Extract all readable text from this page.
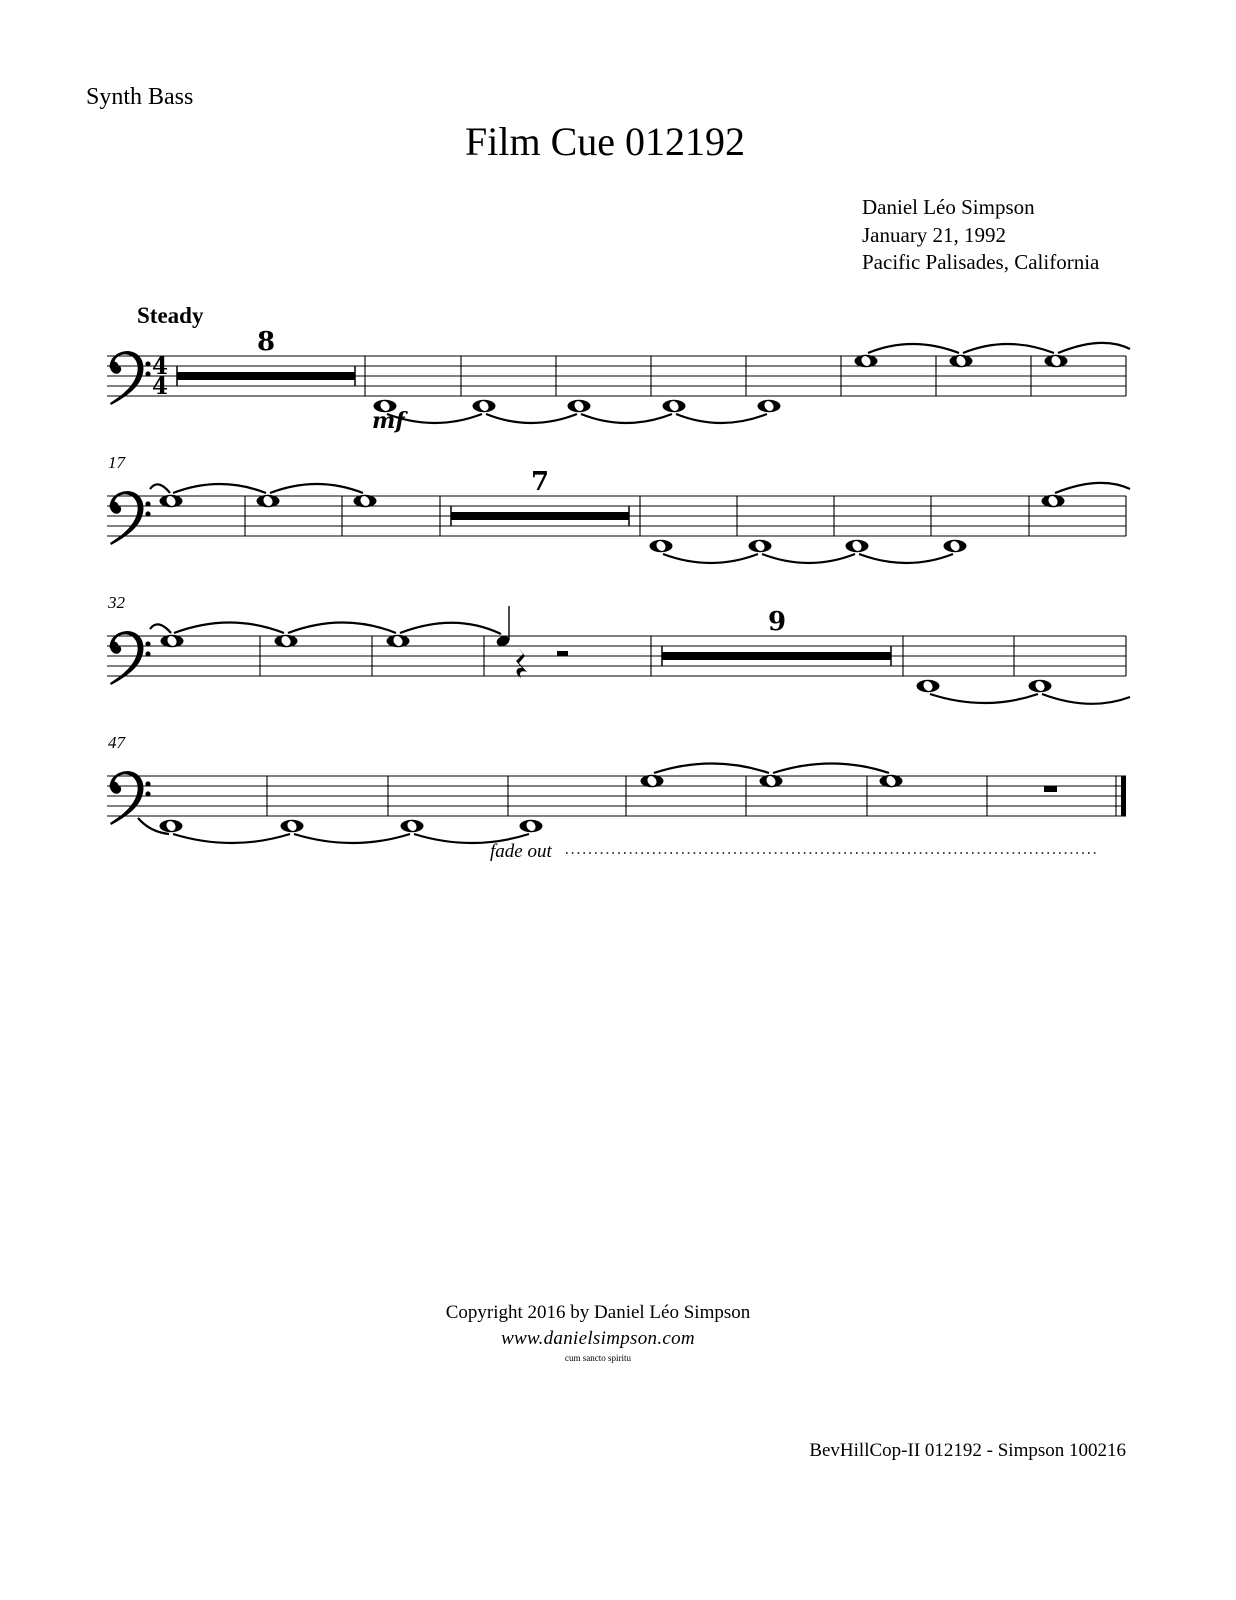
Synth Bass
Film Cue 012192
Daniel Léo Simpson
January 21, 1992
Pacific Palisades, California
Steady
17
32
47
4
4
8
mf
7
9
fade out
Copyright 2016 by Daniel Léo Simpson
www.danielsimpson.com
cum sancto spiritu
BevHillCop-II 012192 - Simpson 100216
